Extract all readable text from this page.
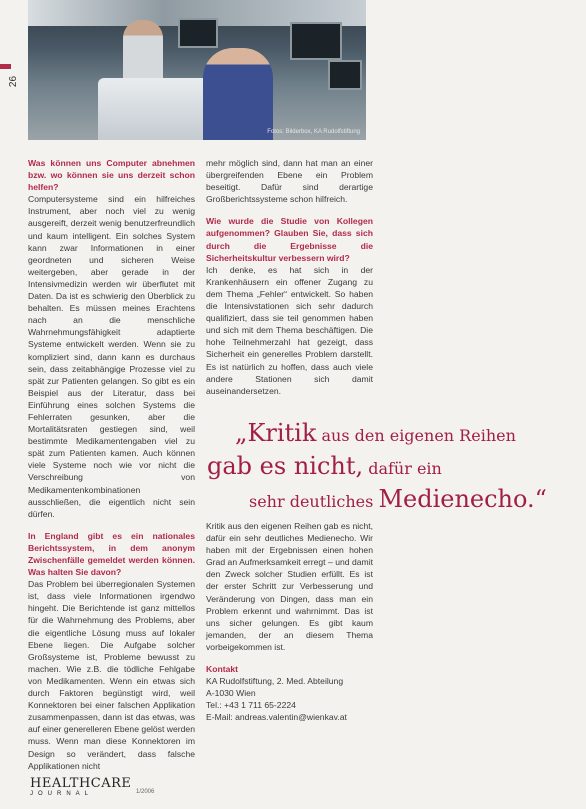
26
Fotos: Bilderbox, KA Rudolfstiftung

Was können uns Computer abnehmen bzw. wo können sie uns derzeit schon helfen?

Computersysteme sind ein hilfreiches Instrument, aber noch viel zu wenig ausgereift, derzeit wenig benutzerfreundlich und kaum intelligent. Ein solches System kann zwar Informationen in einer geordneten und sicheren Weise weitergeben, aber gerade in der Intensivmedizin werden wir überflutet mit Daten. Da ist es schwierig den Überblick zu behalten. Es müssen meines Erachtens nach an die menschliche Wahrnehmungsfähigkeit adaptierte Systeme entwickelt werden. Wenn sie zu kompliziert sind, dann kann es durchaus sein, dass zeitabhängige Prozesse viel zu spät zur Patienten gelangen. So gibt es ein Beispiel aus der Literatur, dass bei Einführung eines solchen Systems die Fehlerraten gesunken, aber die Mortalitätsraten gestiegen sind, weil bestimmte Medikamentengaben viel zu spät zum Patienten kamen. Auch können viele Systeme noch wie vor nicht die Verschreibung von Medikamentenkombinationen ausschließen, die eigentlich nicht sein dürfen.

In England gibt es ein nationales Berichtssystem, in dem anonym Zwischenfälle gemeldet werden können. Was halten Sie davon?

Das Problem bei überregionalen Systemen ist, dass viele Informationen irgendwo hingeht. Die Berichtende ist ganz mittellos für die Wahrnehmung des Problems, aber die eigentliche Lösung muss auf lokaler Ebene liegen. Die Aufgabe solcher Großsysteme ist, Probleme bewusst zu machen. Wie z.B. die tödliche Fehlgabe von Medikamenten. Wenn ein etwas sich durch Faktoren begünstigt wird, weil Konnektoren bei einer falschen Applikation zusammenpassen, dann ist das etwas, was auf einer generelleren Ebene gelöst werden muss. Wenn man diese Konnektoren im Design so verändert, dass falsche Applikationen nicht

mehr möglich sind, dann hat man an einer übergreifenden Ebene ein Problem beseitigt. Dafür sind derartige Großberichtssysteme schon hilfreich.

Wie wurde die Studie von Kollegen aufgenommen? Glauben Sie, dass sich durch die Ergebnisse die Sicherheitskultur verbessern wird?

Ich denke, es hat sich in der Krankenhäusern ein offener Zugang zu dem Thema „Fehler“ entwickelt. So haben die Intensivstationen sich sehr dadurch qualifiziert, dass sie teil genommen haben und sich mit dem Thema beschäftigen. Die hohe Teilnehmerzahl hat gezeigt, dass Sicherheit ein generelles Problem darstellt. Es ist natürlich zu hoffen, dass auch viele andere Stationen sich damit auseinandersetzen.

„Kritik aus den eigenen Reihen
gab es nicht, dafür ein
sehr deutliches Medienecho.“

Kritik aus den eigenen Reihen gab es nicht, dafür ein sehr deutliches Medienecho. Wir haben mit der Ergebnissen einen hohen Grad an Aufmerksamkeit erregt – und damit den Zweck solcher Studien erfüllt. Es ist der erster Schritt zur Verbesserung und Veränderung von Dingen, dass man ein Problem erkennt und wahrnimmt. Das ist uns sicher gelungen. Es gibt kaum jemanden, der an diesem Thema vorbeigekommen ist.

Kontakt

KA Rudolfstiftung, 2. Med. Abteilung

A-1030 Wien

Tel.: +43 1 711 65-2224

E-Mail: andreas.valentin@wienkav.at

HEALTHCARE
JOURNAL	1/2006
